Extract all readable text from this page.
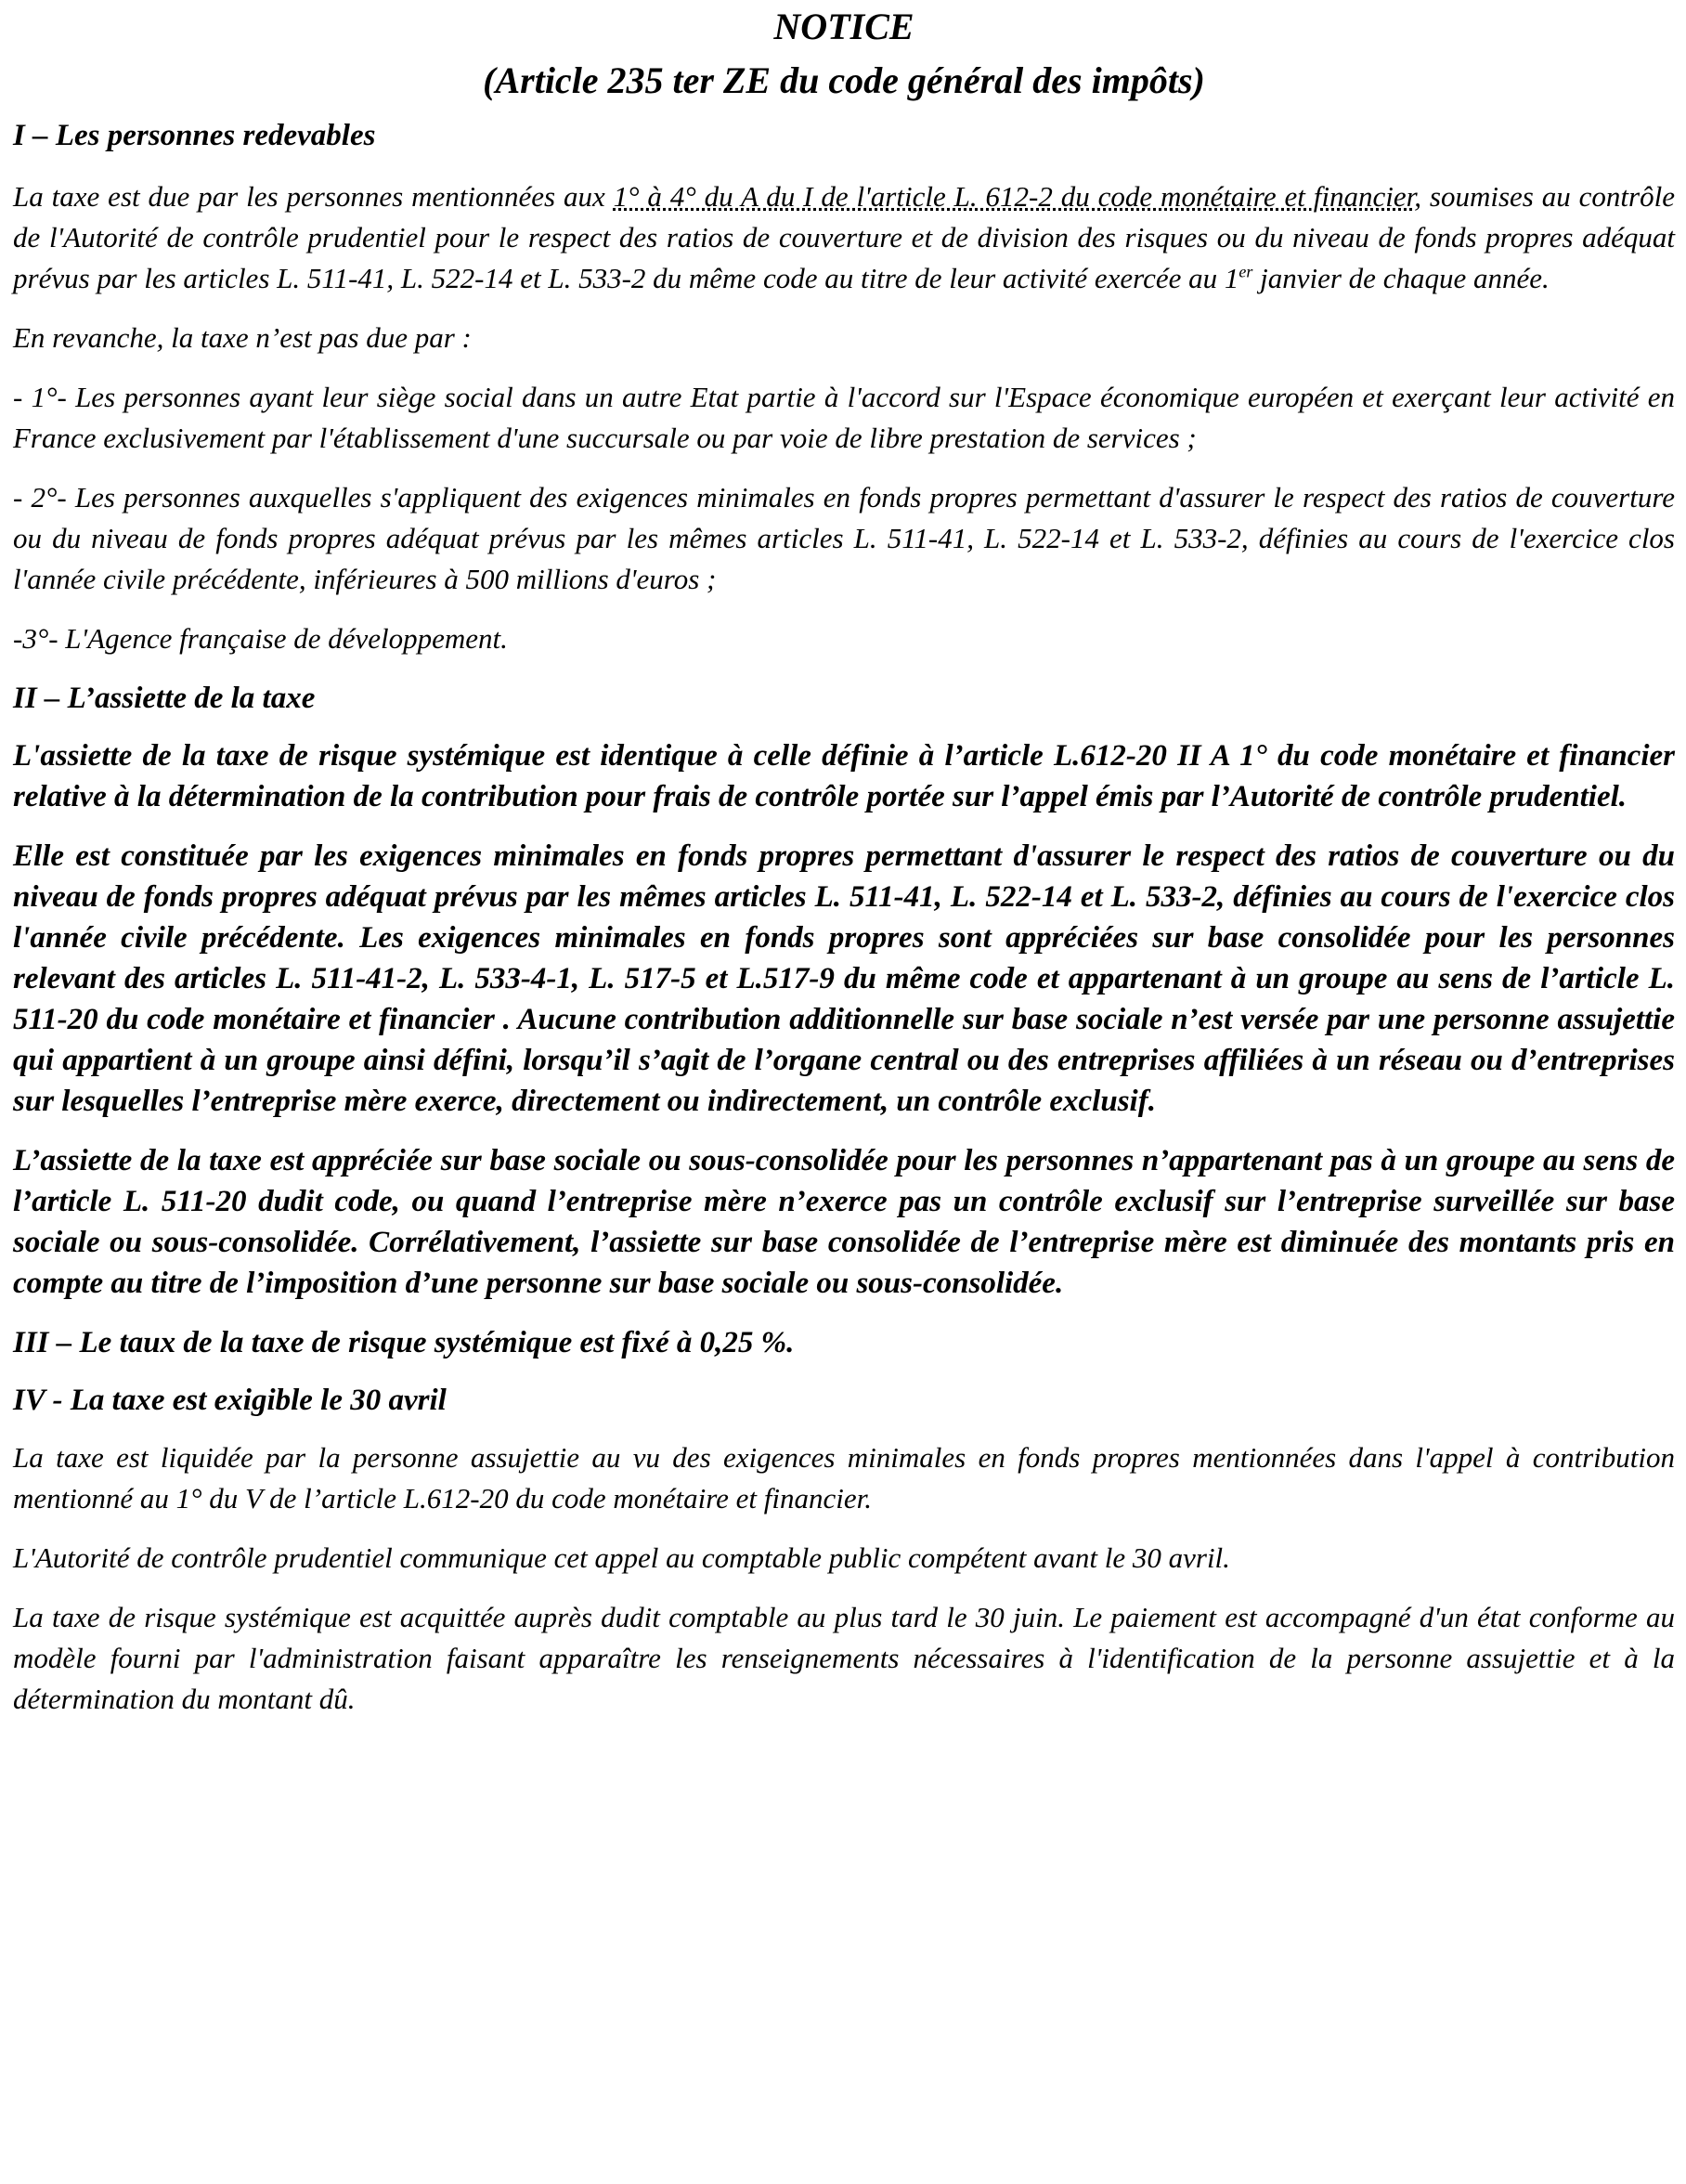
NOTICE
(Article 235 ter ZE du code général des impôts)
I – Les personnes redevables

La taxe est due par les personnes mentionnées aux 1° à 4° du A du I de l'article L. 612-2 du code monétaire et financier, soumises au contrôle de l'Autorité de contrôle prudentiel pour le respect des ratios de couverture et de division des risques ou du niveau de fonds propres adéquat prévus par les articles L. 511-41, L. 522-14 et L. 533-2 du même code au titre de leur activité exercée au 1er janvier de chaque année.

En revanche, la taxe n’est pas due par :

- 1°- Les personnes ayant leur siège social dans un autre Etat partie à l'accord sur l'Espace économique européen et exerçant leur activité en France exclusivement par l'établissement d'une succursale ou par voie de libre prestation de services ;

- 2°- Les personnes auxquelles s'appliquent des exigences minimales en fonds propres permettant d'assurer le respect des ratios de couverture ou du niveau de fonds propres adéquat prévus par les mêmes articles L. 511-41, L. 522-14 et L. 533-2, définies au cours de l'exercice clos l'année civile précédente, inférieures à 500 millions d'euros ;

-3°- L'Agence française de développement.

II – L’assiette de la taxe

L'assiette de la taxe de risque systémique est identique à celle définie à l’article L.612-20 II A 1° du code monétaire et financier relative à la détermination de la contribution pour frais de contrôle portée sur l’appel émis par l’Autorité de contrôle prudentiel.

Elle est constituée par les exigences minimales en fonds propres permettant d'assurer le respect des ratios de couverture ou du niveau de fonds propres adéquat prévus par les mêmes articles L. 511-41, L. 522-14 et L. 533-2, définies au cours de l'exercice clos l'année civile précédente. Les exigences minimales en fonds propres sont appréciées sur base consolidée pour les personnes relevant des articles L. 511-41-2, L. 533-4-1, L. 517-5 et L.517-9 du même code et appartenant à un groupe au sens de l’article L. 511-20 du code monétaire et financier . Aucune contribution additionnelle sur base sociale n’est versée par une personne assujettie qui appartient à un groupe ainsi défini, lorsqu’il s’agit de l’organe central ou des entreprises affiliées à un réseau ou d’entreprises sur lesquelles l’entreprise mère exerce, directement ou indirectement, un contrôle exclusif.

L’assiette de la taxe est appréciée sur base sociale ou sous-consolidée pour les personnes n’appartenant pas à un groupe au sens de l’article L. 511-20 dudit code, ou quand l’entreprise mère n’exerce pas un contrôle exclusif sur l’entreprise surveillée sur base sociale ou sous-consolidée. Corrélativement, l’assiette sur base consolidée de l’entreprise mère est diminuée des montants pris en compte au titre de l’imposition d’une personne sur base sociale ou sous-consolidée.

III – Le taux de la taxe de risque systémique est fixé à 0,25 %.
IV - La taxe est exigible le 30 avril

La taxe est liquidée par la personne assujettie au vu des exigences minimales en fonds propres mentionnées dans l'appel à contribution mentionné au 1° du V de l’article L.612-20 du code monétaire et financier.

L'Autorité de contrôle prudentiel communique cet appel au comptable public compétent avant le 30 avril.

La taxe de risque systémique est acquittée auprès dudit comptable au plus tard le 30 juin. Le paiement est accompagné d'un état conforme au modèle fourni par l'administration faisant apparaître les renseignements nécessaires à l'identification de la personne assujettie et à la détermination du montant dû.
